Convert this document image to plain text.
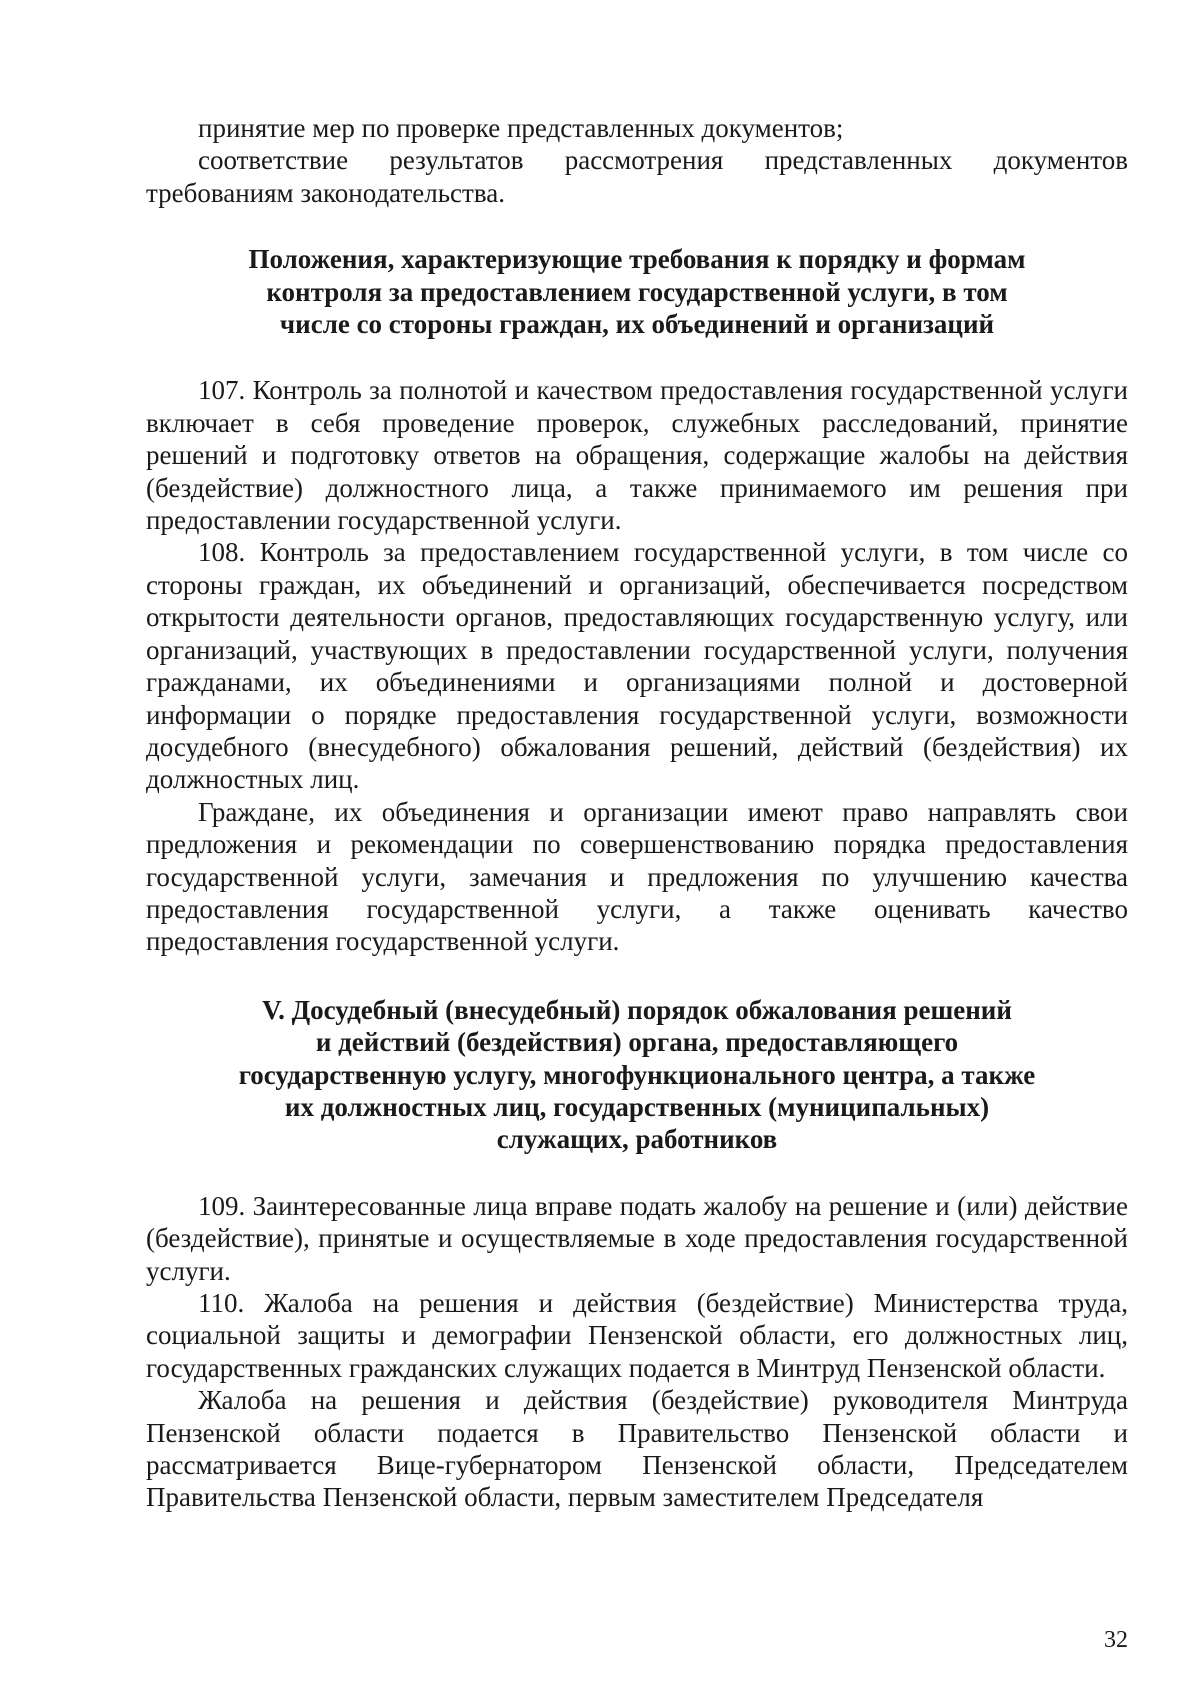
принятие мер по проверке представленных документов;

соответствие результатов рассмотрения представленных документов требованиям законодательства.

Положения, характеризующие требования к порядку и формам
контроля за предоставлением государственной услуги, в том
числе со стороны граждан, их объединений и организаций

107. Контроль за полнотой и качеством предоставления государственной услуги включает в себя проведение проверок, служебных расследований, принятие решений и подготовку ответов на обращения, содержащие жалобы на действия (бездействие) должностного лица, а также принимаемого им решения при предоставлении государственной услуги.

108. Контроль за предоставлением государственной услуги, в том числе со стороны граждан, их объединений и организаций, обеспечивается посредством открытости деятельности органов, предоставляющих государственную услугу, или организаций, участвующих в предоставлении государственной услуги, получения гражданами, их объединениями и организациями полной и достоверной информации о порядке предоставления государственной услуги, возможности досудебного (внесудебного) обжалования решений, действий (бездействия) их должностных лиц.

Граждане, их объединения и организации имеют право направлять свои предложения и рекомендации по совершенствованию порядка предоставления государственной услуги, замечания и предложения по улучшению качества предоставления государственной услуги, а также оценивать качество предоставления государственной услуги.

V. Досудебный (внесудебный) порядок обжалования решений
и действий (бездействия) органа, предоставляющего
государственную услугу, многофункционального центра, а также
их должностных лиц, государственных (муниципальных)
служащих, работников

109. Заинтересованные лица вправе подать жалобу на решение и (или) действие (бездействие), принятые и осуществляемые в ходе предоставления государственной услуги.

110. Жалоба на решения и действия (бездействие) Министерства труда, социальной защиты и демографии Пензенской области, его должностных лиц, государственных гражданских служащих подается в Минтруд Пензенской области.

Жалоба на решения и действия (бездействие) руководителя Минтруда Пензенской области подается в Правительство Пензенской области и рассматривается Вице-губернатором Пензенской области, Председателем Правительства Пензенской области, первым заместителем Председателя

32
